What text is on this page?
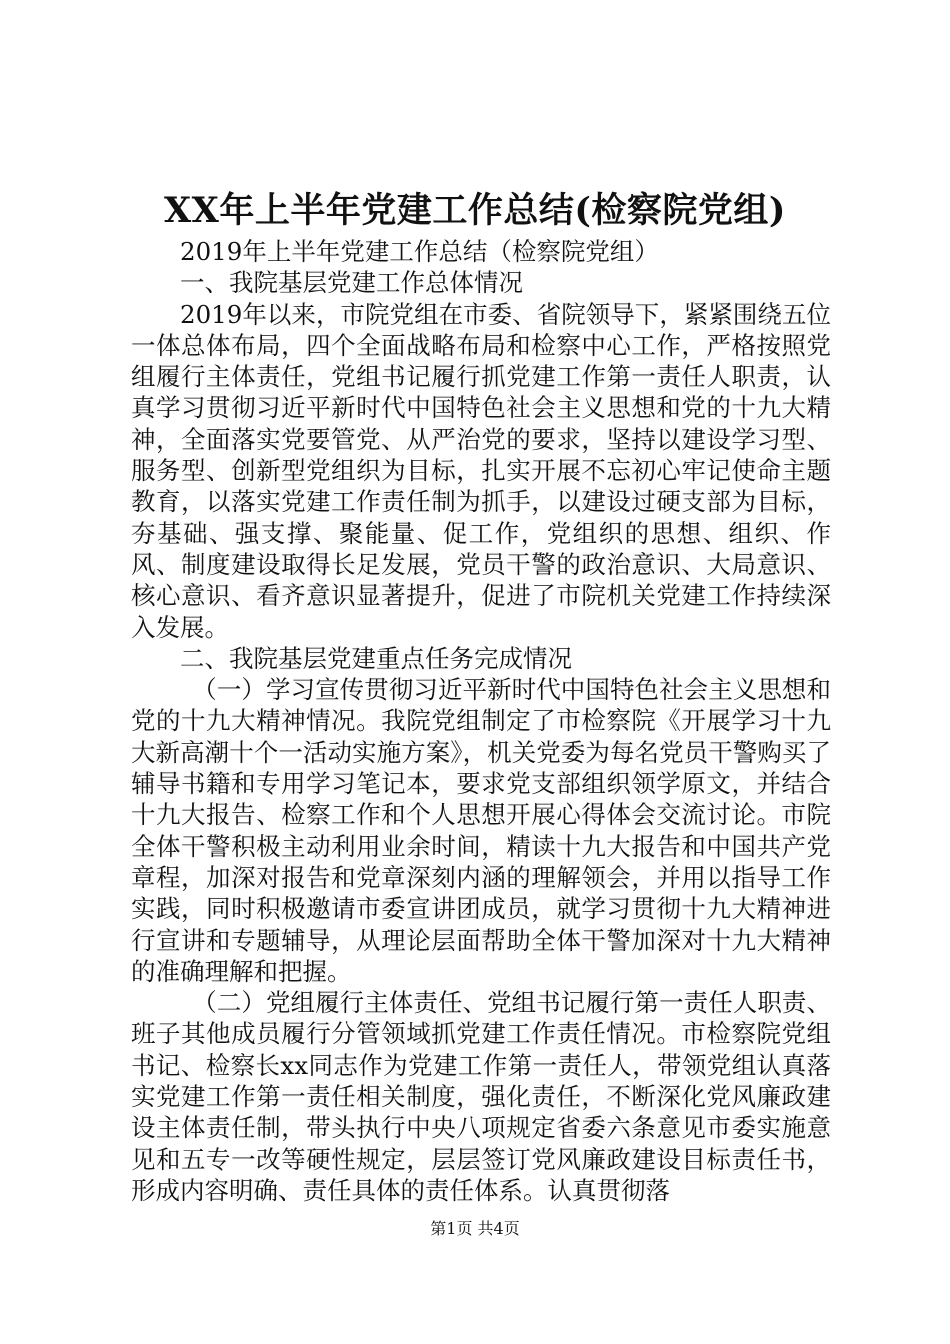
XX年上半年党建工作总结(检察院党组)

2019年上半年党建工作总结（检察院党组）

一、我院基层党建工作总体情况

2019年以来，市院党组在市委、省院领导下，紧紧围绕五位一体总体布局，四个全面战略布局和检察中心工作，严格按照党组履行主体责任，党组书记履行抓党建工作第一责任人职责，认真学习贯彻习近平新时代中国特色社会主义思想和党的十九大精神，全面落实党要管党、从严治党的要求，坚持以建设学习型、服务型、创新型党组织为目标，扎实开展不忘初心牢记使命主题教育，以落实党建工作责任制为抓手，以建设过硬支部为目标，夯基础、强支撑、聚能量、促工作，党组织的思想、组织、作风、制度建设取得长足发展，党员干警的政治意识、大局意识、核心意识、看齐意识显著提升，促进了市院机关党建工作持续深入发展。

二、我院基层党建重点任务完成情况

（一）学习宣传贯彻习近平新时代中国特色社会主义思想和党的十九大精神情况。我院党组制定了市检察院《开展学习十九大新高潮十个一活动实施方案》，机关党委为每名党员干警购买了辅导书籍和专用学习笔记本，要求党支部组织领学原文，并结合十九大报告、检察工作和个人思想开展心得体会交流讨论。市院全体干警积极主动利用业余时间，精读十九大报告和中国共产党章程，加深对报告和党章深刻内涵的理解领会，并用以指导工作实践，同时积极邀请市委宣讲团成员，就学习贯彻十九大精神进行宣讲和专题辅导，从理论层面帮助全体干警加深对十九大精神的准确理解和把握。

（二）党组履行主体责任、党组书记履行第一责任人职责、班子其他成员履行分管领域抓党建工作责任情况。市检察院党组书记、检察长xx同志作为党建工作第一责任人，带领党组认真落实党建工作第一责任相关制度，强化责任，不断深化党风廉政建设主体责任制，带头执行中央八项规定省委六条意见市委实施意见和五专一改等硬性规定，层层签订党风廉政建设目标责任书，形成内容明确、责任具体的责任体系。认真贯彻落

第1页 共4页
